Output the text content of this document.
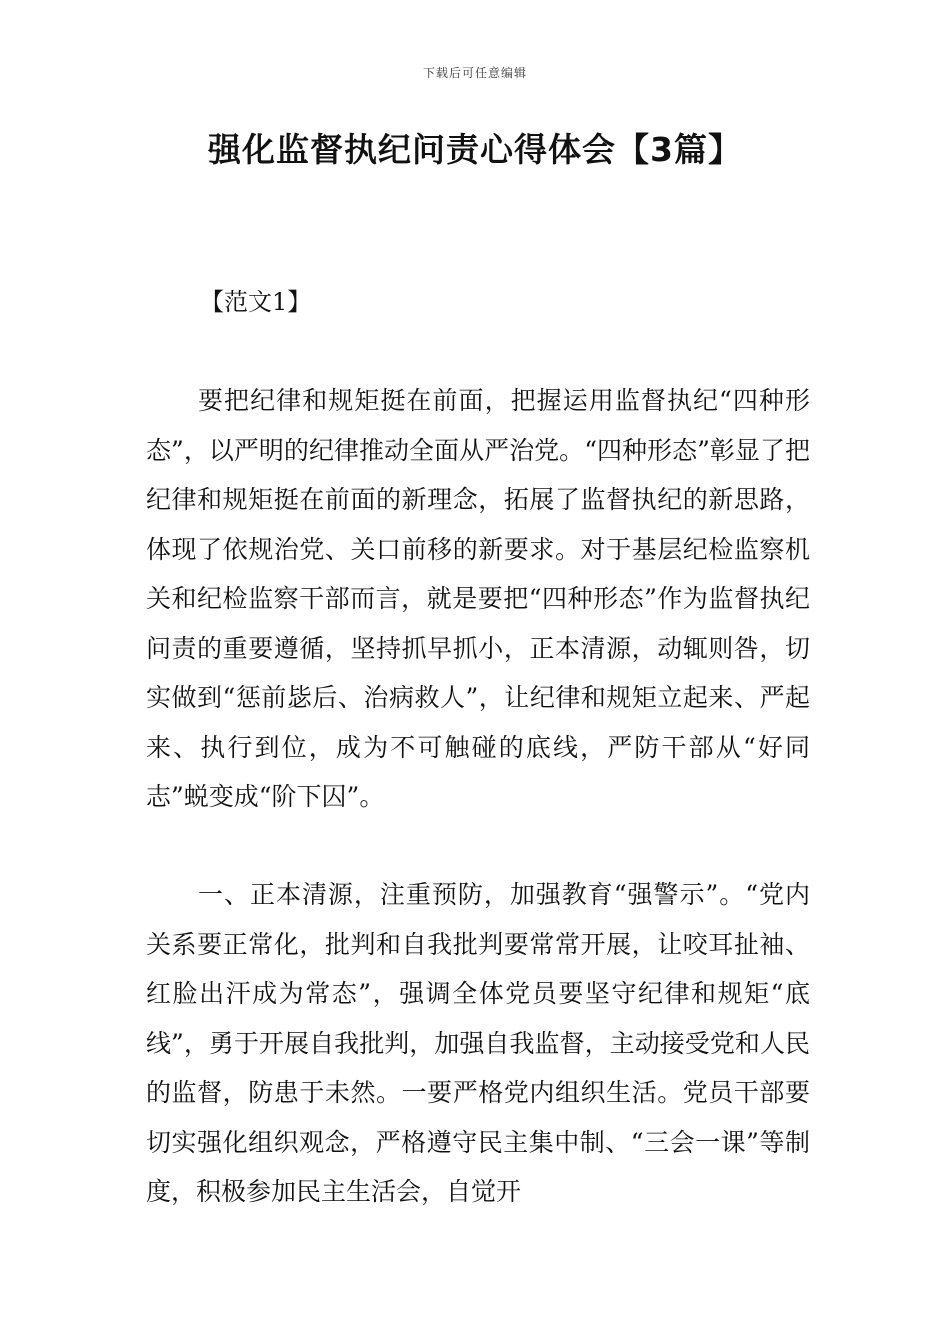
下载后可任意编辑
强化监督执纪问责心得体会【3篇】
【范文1】

要把纪律和规矩挺在前面，把握运用监督执纪“四种形态”，以严明的纪律推动全面从严治党。“四种形态”彰显了把纪律和规矩挺在前面的新理念，拓展了监督执纪的新思路，体现了依规治党、关口前移的新要求。对于基层纪检监察机关和纪检监察干部而言，就是要把“四种形态”作为监督执纪问责的重要遵循，坚持抓早抓小，正本清源，动辄则咎，切实做到“惩前毖后、治病救人”，让纪律和规矩立起来、严起来、执行到位，成为不可触碰的底线，严防干部从“好同志”蜕变成“阶下囚”。

一、正本清源，注重预防，加强教育“强警示”。“党内关系要正常化，批判和自我批判要常常开展，让咬耳扯袖、红脸出汗成为常态”，强调全体党员要坚守纪律和规矩“底线”，勇于开展自我批判，加强自我监督，主动接受党和人民的监督，防患于未然。一要严格党内组织生活。党员干部要切实强化组织观念，严格遵守民主集中制、“三会一课”等制度，积极参加民主生活会，自觉开
